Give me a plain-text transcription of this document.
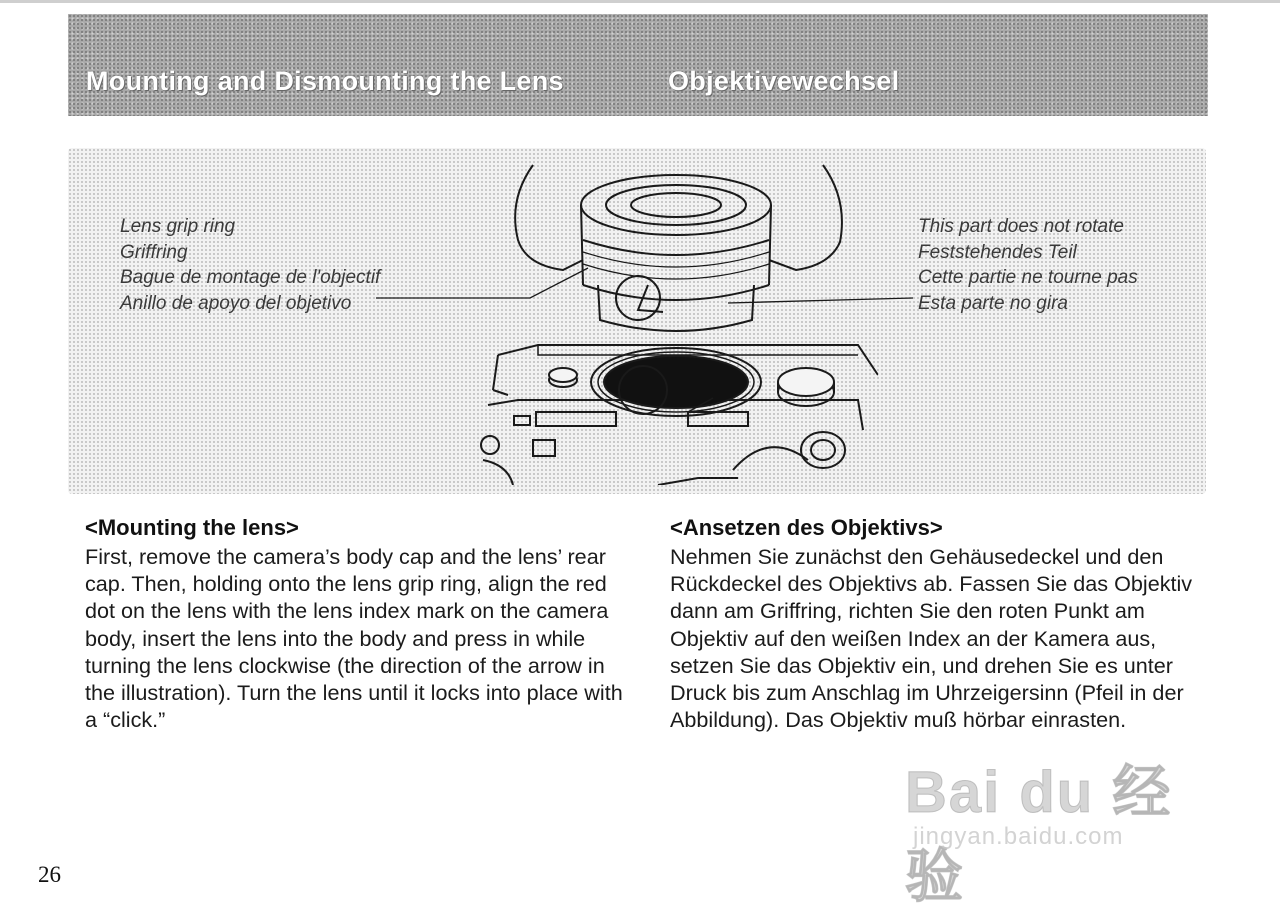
Mounting and Dismounting the Lens	Objektivewechsel
Lens grip ring
Griffring
Bague de montage de l'objectif
Anillo de apoyo del objetivo
This part does not rotate
Feststehendes Teil
Cette partie ne tourne pas
Esta parte no gira
<Mounting the lens>

First, remove the camera’s body cap and the lens’ rear cap. Then, holding onto the lens grip ring, align the red dot on the lens with the lens index mark on the camera body, insert the lens into the body and press in while turning the lens clockwise (the direction of the arrow in the illustration). Turn the lens until it locks into place with a “click.”

<Ansetzen des Objektivs>

Nehmen Sie zunächst den Gehäusedeckel und den Rückdeckel des Objektivs ab. Fassen Sie das Objektiv dann am Griffring, richten Sie den roten Punkt am Objektiv auf den weißen Index an der Kamera aus, setzen Sie das Objektiv ein, und drehen Sie es unter Druck bis zum Anschlag im Uhrzeigersinn (Pfeil in der Abbildung). Das Objektiv muß hörbar einrasten.

26
Bai du 经验
jingyan.baidu.com
